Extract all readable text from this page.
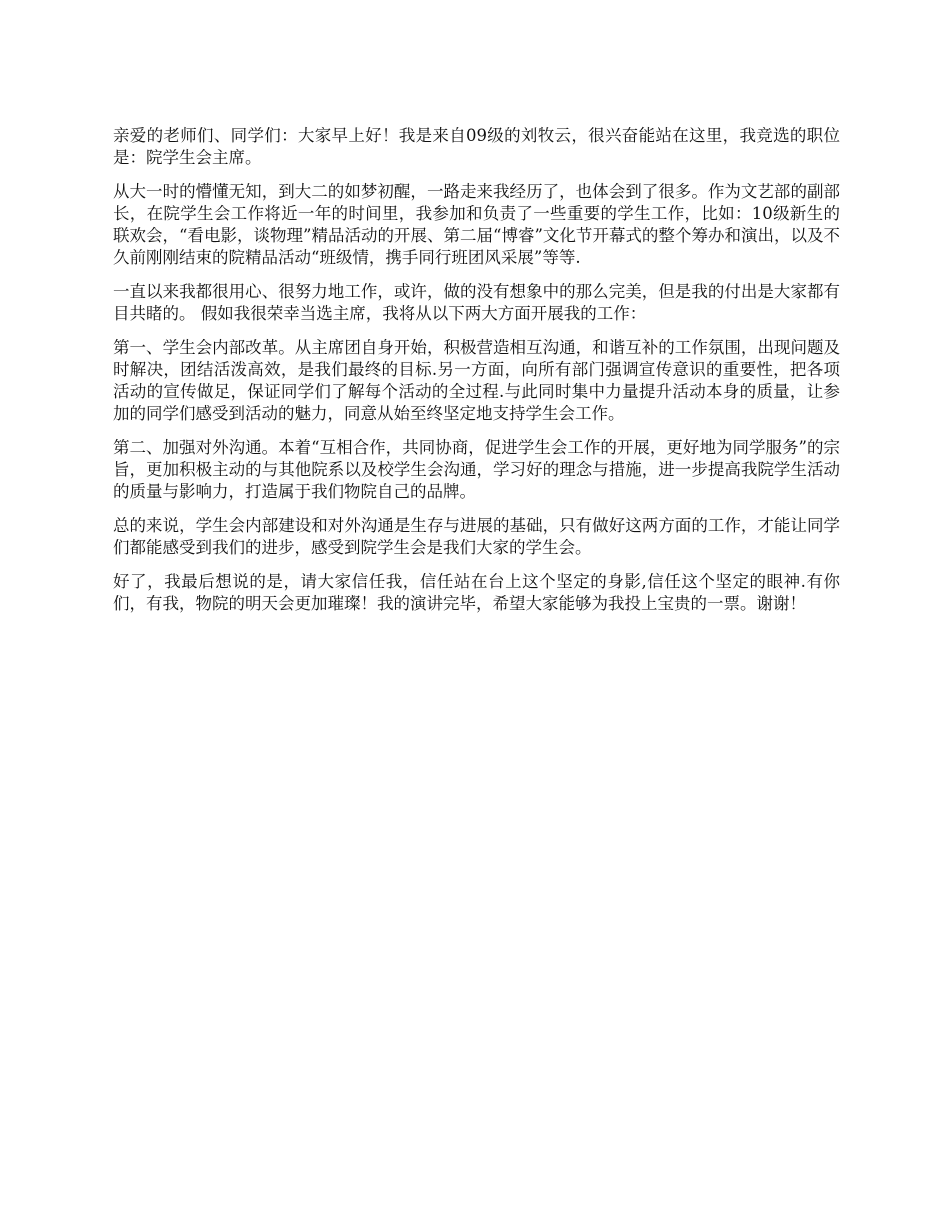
亲爱的老师们、同学们：大家早上好！我是来自09级的刘牧云，很兴奋能站在这里，我竞选的职位是：院学生会主席。

从大一时的懵懂无知，到大二的如梦初醒，一路走来我经历了，也体会到了很多。作为文艺部的副部长，在院学生会工作将近一年的时间里，我参加和负责了一些重要的学生工作，比如：10级新生的联欢会，“看电影，谈物理”精品活动的开展、第二届“博睿”文化节开幕式的整个筹办和演出，以及不久前刚刚结束的院精品活动“班级情，携手同行班团风采展”等等.

一直以来我都很用心、很努力地工作，或许，做的没有想象中的那么完美，但是我的付出是大家都有目共睹的。 假如我很荣幸当选主席，我将从以下两大方面开展我的工作：

第一、学生会内部改革。从主席团自身开始，积极营造相互沟通，和谐互补的工作氛围，出现问题及时解决，团结活泼高效，是我们最终的目标.另一方面，向所有部门强调宣传意识的重要性，把各项活动的宣传做足，保证同学们了解每个活动的全过程.与此同时集中力量提升活动本身的质量，让参加的同学们感受到活动的魅力，同意从始至终坚定地支持学生会工作。

第二、加强对外沟通。本着“互相合作，共同协商，促进学生会工作的开展，更好地为同学服务”的宗旨，更加积极主动的与其他院系以及校学生会沟通，学习好的理念与措施，进一步提高我院学生活动的质量与影响力，打造属于我们物院自己的品牌。

总的来说，学生会内部建设和对外沟通是生存与进展的基础，只有做好这两方面的工作，才能让同学们都能感受到我们的进步，感受到院学生会是我们大家的学生会。

好了，我最后想说的是，请大家信任我，信任站在台上这个坚定的身影,信任这个坚定的眼神.有你们，有我，物院的明天会更加璀璨！我的演讲完毕，希望大家能够为我投上宝贵的一票。谢谢！
